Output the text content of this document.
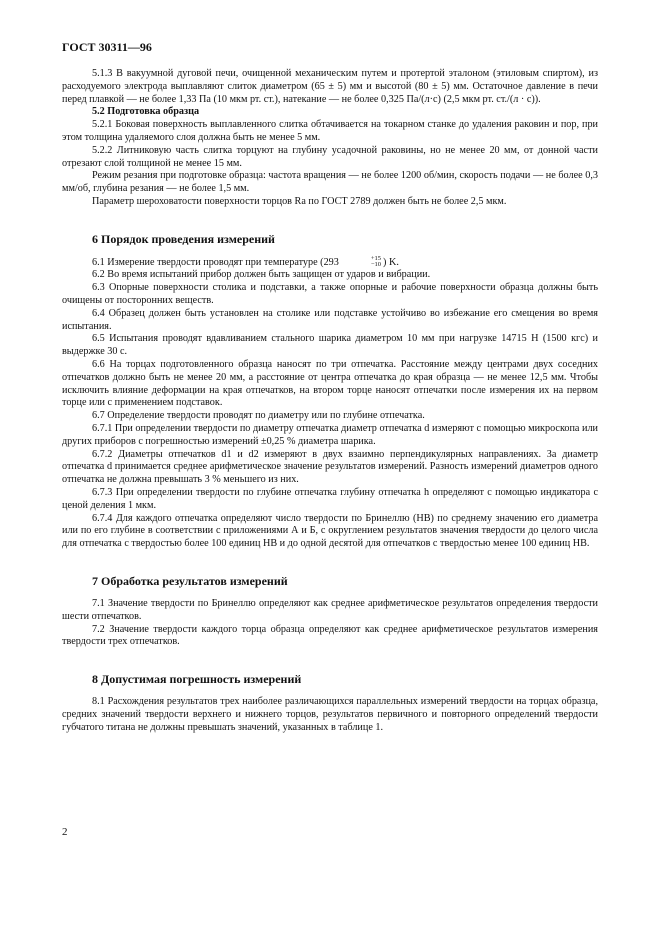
ГОСТ 30311—96

5.1.3 В вакуумной дуговой печи, очищенной механическим путем и протертой эталоном (этиловым спиртом), из расходуемого электрода выплавляют слиток диаметром (65 ± 5) мм и высотой (80 ± 5) мм. Остаточное давление в печи перед плавкой — не более 1,33 Па (10 мкм рт. ст.), натекание — не более 0,325 Па/(л·с) (2,5 мкм рт. ст./(л · с)).

5.2 Подготовка образца

5.2.1 Боковая поверхность выплавленного слитка обтачивается на токарном станке до удаления раковин и пор, при этом толщина удаляемого слоя должна быть не менее 5 мм.

5.2.2 Литниковую часть слитка торцуют на глубину усадочной раковины, но не менее 20 мм, от донной части отрезают слой толщиной не менее 15 мм.

Режим резания при подготовке образца: частота вращения — не более 1200 об/мин, скорость подачи — не более 0,3 мм/об, глубина резания — не более 1,5 мм.

Параметр шероховатости поверхности торцов Ra по ГОСТ 2789 должен быть не более 2,5 мкм.

6 Порядок проведения измерений
6.1 Измерение твердости проводят при температуре (293	+15
−10 ) K.

6.2 Во время испытаний прибор должен быть защищен от ударов и вибрации.

6.3 Опорные поверхности столика и подставки, а также опорные и рабочие поверхности образца должны быть очищены от посторонних веществ.

6.4 Образец должен быть установлен на столике или подставке устойчиво во избежание его смещения во время испытания.

6.5 Испытания проводят вдавливанием стального шарика диаметром 10 мм при нагрузке 14715 Н (1500 кгс) и выдержке 30 с.

6.6 На торцах подготовленного образца наносят по три отпечатка. Расстояние между центрами двух соседних отпечатков должно быть не менее 20 мм, а расстояние от центра отпечатка до края образца — не менее 12,5 мм. Чтобы исключить влияние деформации на края отпечатков, на втором торце наносят отпечатки после измерения их на первом торце или с применением подставок.

6.7 Определение твердости проводят по диаметру или по глубине отпечатка.

6.7.1 При определении твердости по диаметру отпечатка диаметр отпечатка d измеряют с помощью микроскопа или других приборов с погрешностью измерений ±0,25 % диаметра шарика.

6.7.2 Диаметры отпечатков d1 и d2 измеряют в двух взаимно перпендикулярных направлениях. За диаметр отпечатка d принимается среднее арифметическое значение результатов измерений. Разность измерений диаметров одного отпечатка не должна превышать 3 % меньшего из них.

6.7.3 При определении твердости по глубине отпечатка глубину отпечатка h определяют с помощью индикатора с ценой деления 1 мкм.

6.7.4 Для каждого отпечатка определяют число твердости по Бринеллю (НВ) по среднему значению его диаметра или по его глубине в соответствии с приложениями А и Б, с округлением результатов значения твердости до целого числа для отпечатка с твердостью более 100 единиц НВ и до одной десятой для отпечатков с твердостью менее 100 единиц НВ.

7 Обработка результатов измерений

7.1 Значение твердости по Бринеллю определяют как среднее арифметическое результатов определения твердости шести отпечатков.

7.2 Значение твердости каждого торца образца определяют как среднее арифметическое результатов измерения твердости трех отпечатков.

8 Допустимая погрешность измерений

8.1 Расхождения результатов трех наиболее различающихся параллельных измерений твердости на торцах образца, средних значений твердости верхнего и нижнего торцов, результатов первичного и повторного определений твердости губчатого титана не должны превышать значений, указанных в таблице 1.

2
